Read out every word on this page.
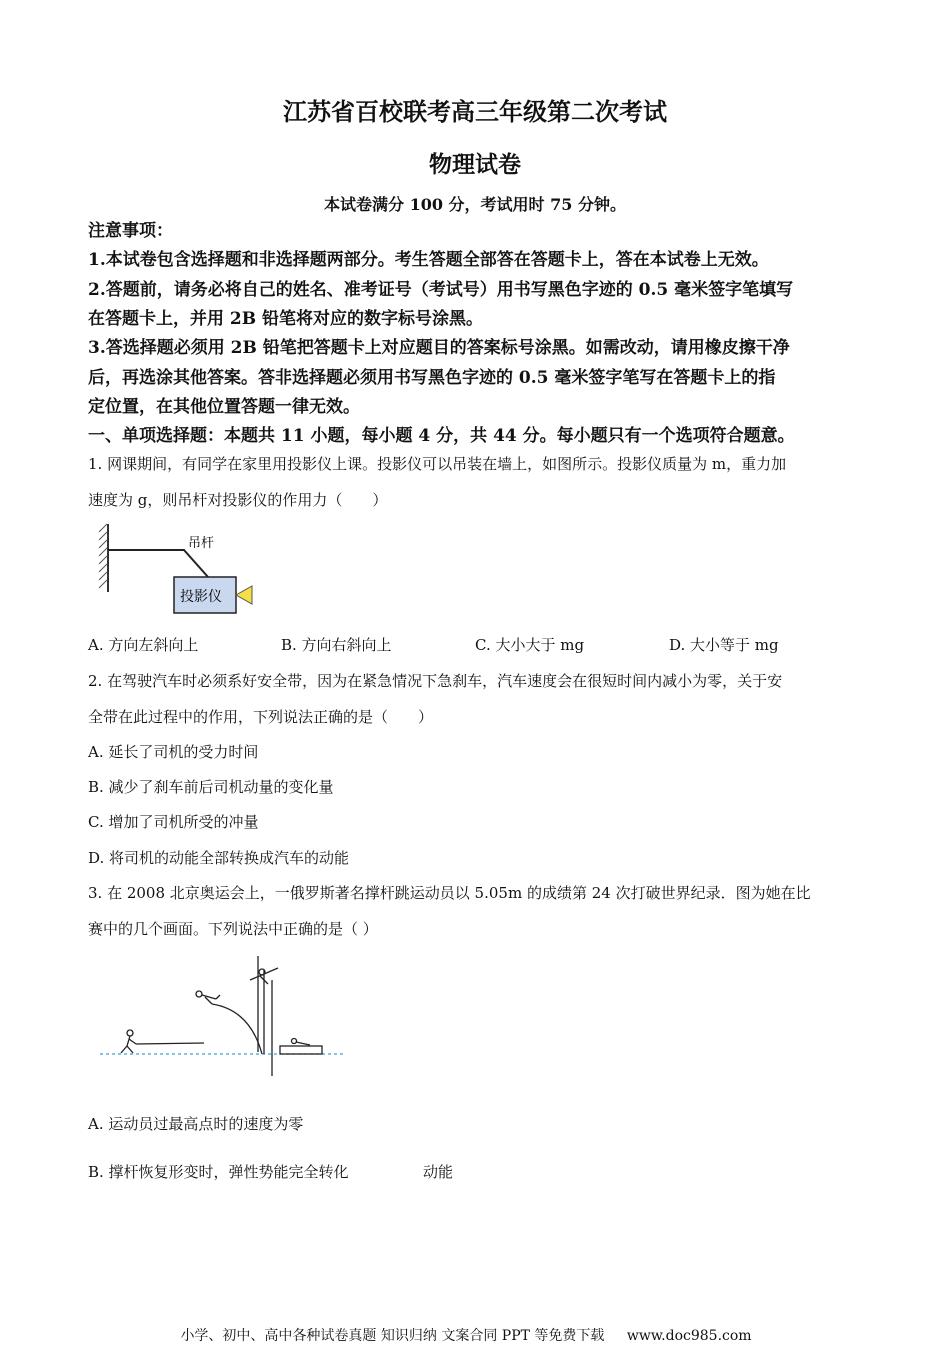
江苏省百校联考高三年级第二次考试
物理试卷
本试卷满分 100 分，考试用时 75 分钟。
注意事项：
1.本试卷包含选择题和非选择题两部分。考生答题全部答在答题卡上，答在本试卷上无效。
2.答题前，请务必将自己的姓名、准考证号（考试号）用书写黑色字迹的 0.5 毫米签字笔填写
在答题卡上，并用 2B 铅笔将对应的数字标号涂黑。
3.答选择题必须用 2B 铅笔把答题卡上对应题目的答案标号涂黑。如需改动，请用橡皮擦干净
后，再选涂其他答案。答非选择题必须用书写黑色字迹的 0.5 毫米签字笔写在答题卡上的指
定位置，在其他位置答题一律无效。
一、单项选择题：本题共 11 小题，每小题 4 分，共 44 分。每小题只有一个选项符合题意。
1. 网课期间，有同学在家里用投影仪上课。投影仪可以吊装在墙上，如图所示。投影仪质量为 m，重力加
速度为 g，则吊杆对投影仪的作用力（　　）
吊杆
投影仪
A. 方向左斜向上	B. 方向右斜向上	C. 大小大于 mg	D. 大小等于 mg
2. 在驾驶汽车时必须系好安全带，因为在紧急情况下急刹车，汽车速度会在很短时间内减小为零，关于安
全带在此过程中的作用，下列说法正确的是（　　）
A. 延长了司机的受力时间
B. 减少了刹车前后司机动量的变化量
C. 增加了司机所受的冲量
D. 将司机的动能全部转换成汽车的动能
3. 在 2008 北京奥运会上，一俄罗斯著名撑杆跳运动员以 5.05m 的成绩第 24 次打破世界纪录．图为她在比
赛中的几个画面。下列说法中正确的是（ ）
A. 运动员过最高点时的速度为零
B. 撑杆恢复形变时，弹性势能完全转化	动能
小学、初中、高中各种试卷真题 知识归纳 文案合同 PPT 等免费下载 www.doc985.com
